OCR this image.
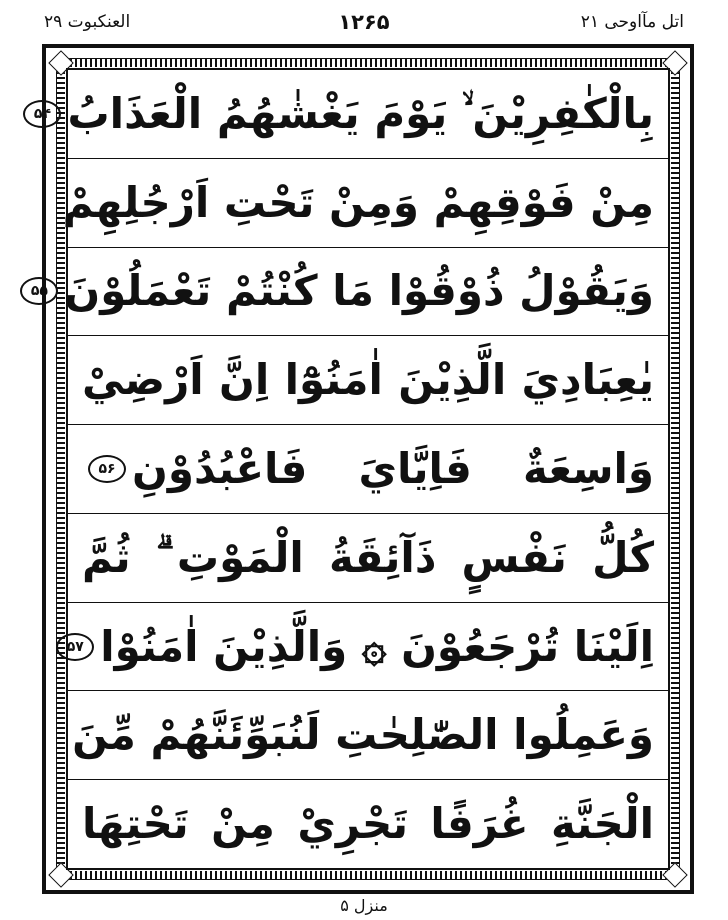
العنکبوت ۲۹	۱۲۶۵	اتل مآاوحی ۲۱
بِالْكٰفِرِيْنَ ۙ يَوْمَ يَغْشٰهُمُ الْعَذَابُ
۵۴
مِنْ فَوْقِهِمْ وَمِنْ تَحْتِ اَرْجُلِهِمْ
وَيَقُوْلُ ذُوْقُوْا مَا كُنْتُمْ تَعْمَلُوْنَ
۵۵
يٰعِبَادِيَ الَّذِيْنَ اٰمَنُوْٓا اِنَّ اَرْضِيْ
وَاسِعَةٌ فَاِيَّايَ فَاعْبُدُوْنِ
۵۶
كُلُّ نَفْسٍ ذَآئِقَةُ الْمَوْتِ ۗ ثُمَّ
اِلَيْنَا تُرْجَعُوْنَ ۞ وَالَّذِيْنَ اٰمَنُوْا
۵۷
وَعَمِلُوا الصّٰلِحٰتِ لَنُبَوِّئَنَّهُمْ مِّنَ
الْجَنَّةِ غُرَفًا تَجْرِيْ مِنْ تَحْتِهَا
منزل ۵
